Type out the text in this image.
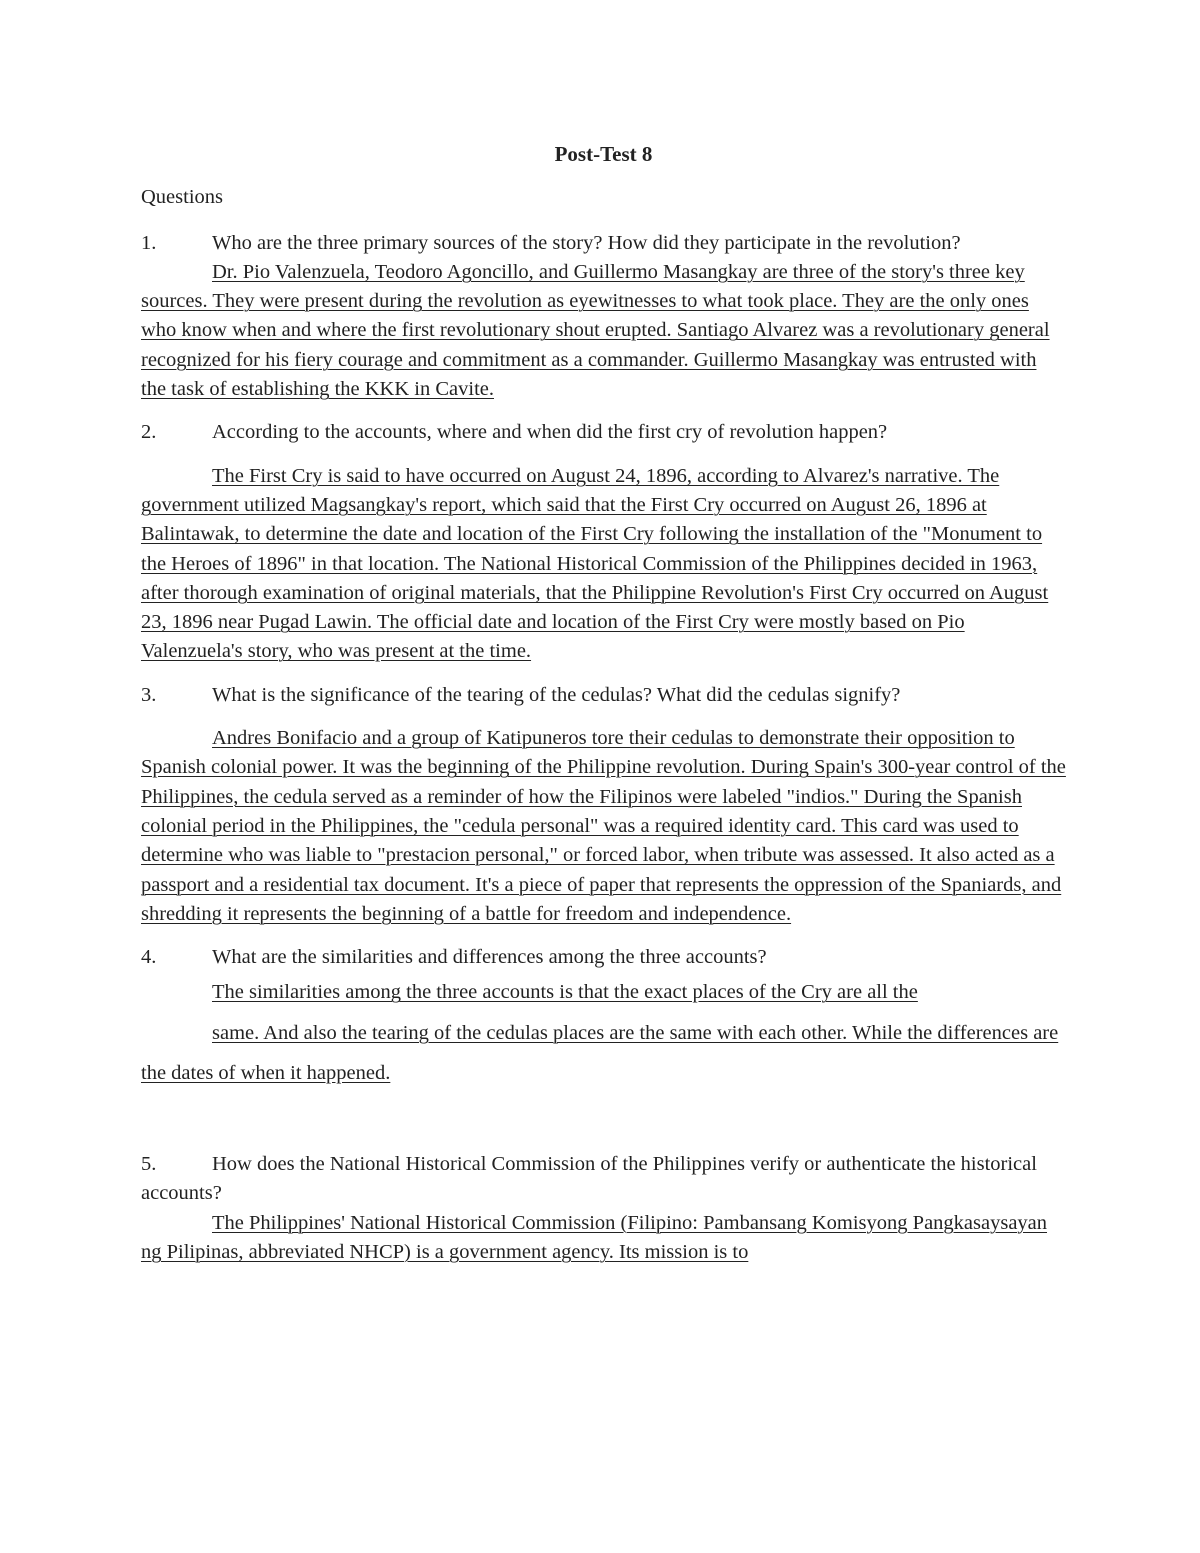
Post-Test 8

Questions

1.	Who are the three primary sources of the story? How did they participate in the revolution?

Dr. Pio Valenzuela, Teodoro Agoncillo, and Guillermo Masangkay are three of the story's three key sources. They were present during the revolution as eyewitnesses to what took place. They are the only ones who know when and where the first revolutionary shout erupted. Santiago Alvarez was a revolutionary general recognized for his fiery courage and commitment as a commander. Guillermo Masangkay was entrusted with the task of establishing the KKK in Cavite.

2.	According to the accounts, where and when did the first cry of revolution happen?

The First Cry is said to have occurred on August 24, 1896, according to Alvarez's narrative. The government utilized Magsangkay's report, which said that the First Cry occurred on August 26, 1896 at Balintawak, to determine the date and location of the First Cry following the installation of the "Monument to the Heroes of 1896" in that location. The National Historical Commission of the Philippines decided in 1963, after thorough examination of original materials, that the Philippine Revolution's First Cry occurred on August 23, 1896 near Pugad Lawin. The official date and location of the First Cry were mostly based on Pio Valenzuela's story, who was present at the time.

3.	What is the significance of the tearing of the cedulas? What did the cedulas signify?

Andres Bonifacio and a group of Katipuneros tore their cedulas to demonstrate their opposition to Spanish colonial power. It was the beginning of the Philippine revolution. During Spain's 300-year control of the Philippines, the cedula served as a reminder of how the Filipinos were labeled "indios." During the Spanish colonial period in the Philippines, the "cedula personal" was a required identity card. This card was used to determine who was liable to "prestacion personal," or forced labor, when tribute was assessed. It also acted as a passport and a residential tax document. It's a piece of paper that represents the oppression of the Spaniards, and shredding it represents the beginning of a battle for freedom and independence.

4.	What are the similarities and differences among the three accounts?

The similarities among the three accounts is that the exact places of the Cry are all the
same. And also the tearing of the cedulas places are the same with each other. While the differences are the dates of when it happened.

5.	How does the National Historical Commission of the Philippines verify or authenticate the historical accounts?

The Philippines' National Historical Commission (Filipino: Pambansang Komisyong Pangkasaysayan ng Pilipinas, abbreviated NHCP) is a government agency. Its mission is to
